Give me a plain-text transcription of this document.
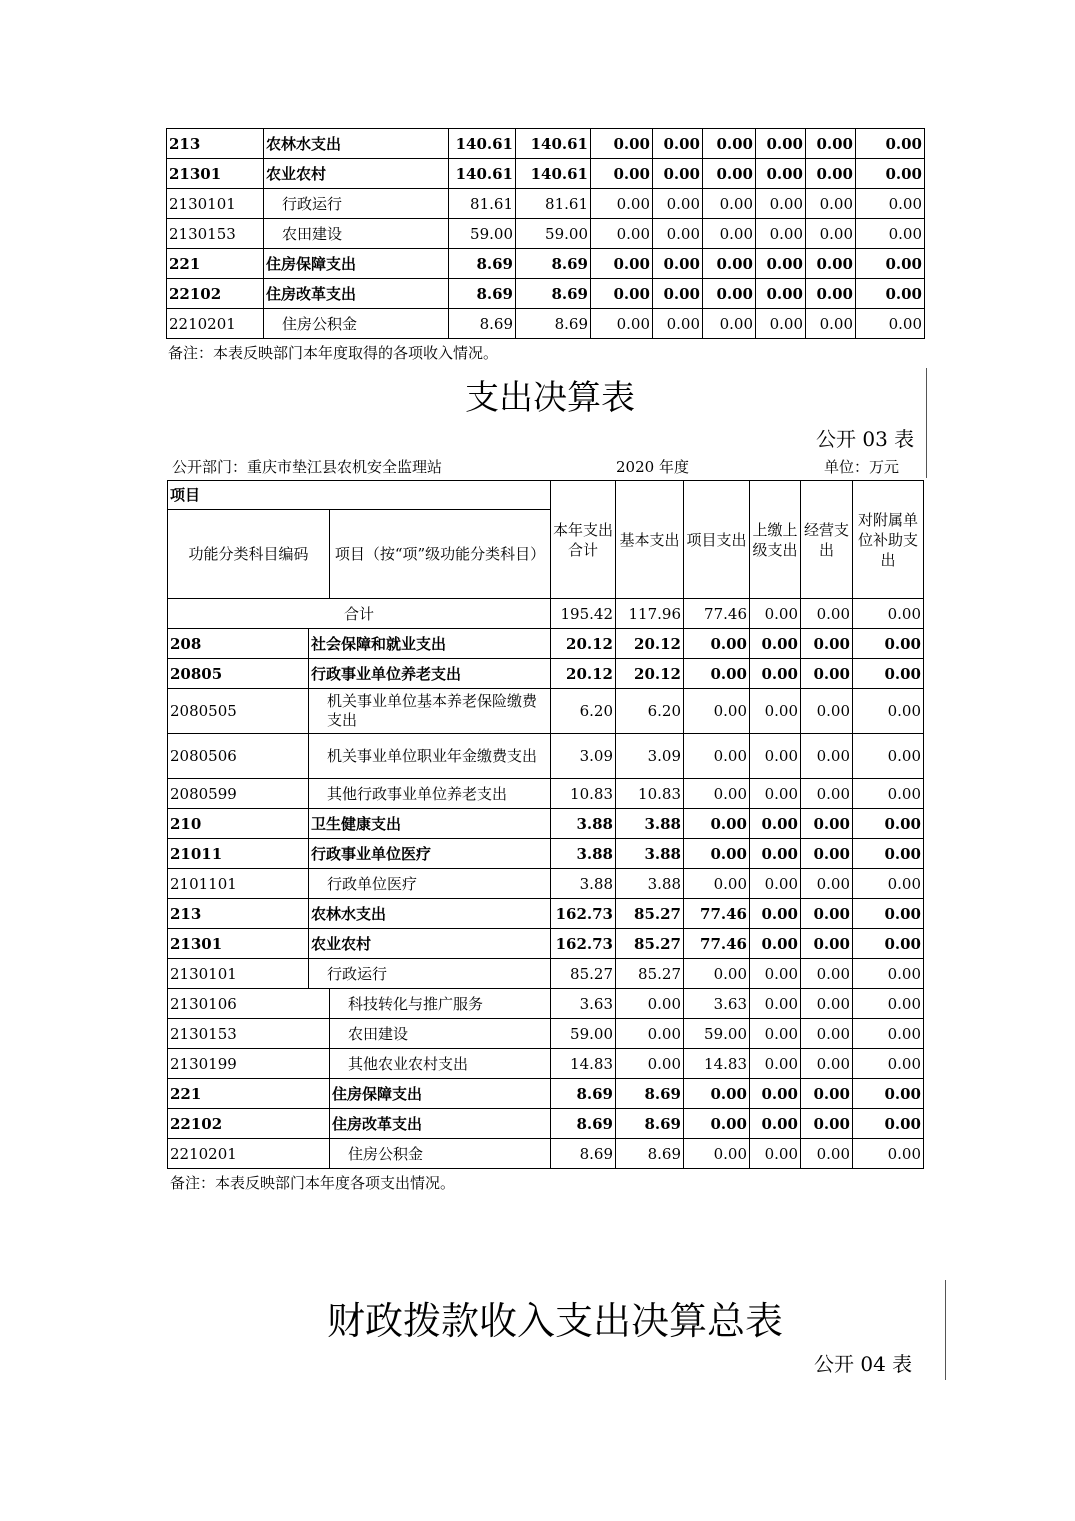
213	农林水支出	140.61	140.61	0.00	0.00	0.00	0.00	0.00	0.00
21301	农业农村	140.61	140.61	0.00	0.00	0.00	0.00	0.00	0.00
2130101	行政运行	81.61	81.61	0.00	0.00	0.00	0.00	0.00	0.00
2130153	农田建设	59.00	59.00	0.00	0.00	0.00	0.00	0.00	0.00
221	住房保障支出	8.69	8.69	0.00	0.00	0.00	0.00	0.00	0.00
22102	住房改革支出	8.69	8.69	0.00	0.00	0.00	0.00	0.00	0.00
2210201	住房公积金	8.69	8.69	0.00	0.00	0.00	0.00	0.00	0.00
备注：本表反映部门本年度取得的各项收入情况。
支出决算表
公开 03 表
公开部门：重庆市垫江县农机安全监理站	2020 年度	单位：万元
项目			本年支出合计	基本支出	项目支出	上缴上级支出	经营支出	对附属单位补助支出
功能分类科目编码		项目（按“项”级功能分类科目）						
合计			195.42	117.96	77.46	0.00	0.00	0.00
208	社会保障和就业支出		20.12	20.12	0.00	0.00	0.00	0.00
20805	行政事业单位养老支出		20.12	20.12	0.00	0.00	0.00	0.00
2080505	机关事业单位基本养老保险缴费支出		6.20	6.20	0.00	0.00	0.00	0.00
2080506	机关事业单位职业年金缴费支出		3.09	3.09	0.00	0.00	0.00	0.00
2080599	其他行政事业单位养老支出		10.83	10.83	0.00	0.00	0.00	0.00
210	卫生健康支出		3.88	3.88	0.00	0.00	0.00	0.00
21011	行政事业单位医疗		3.88	3.88	0.00	0.00	0.00	0.00
2101101	行政单位医疗		3.88	3.88	0.00	0.00	0.00	0.00
213	农林水支出		162.73	85.27	77.46	0.00	0.00	0.00
21301	农业农村		162.73	85.27	77.46	0.00	0.00	0.00
2130101	行政运行		85.27	85.27	0.00	0.00	0.00	0.00
2130106		科技转化与推广服务	3.63	0.00	3.63	0.00	0.00	0.00
2130153		农田建设	59.00	0.00	59.00	0.00	0.00	0.00
2130199		其他农业农村支出	14.83	0.00	14.83	0.00	0.00	0.00
221		住房保障支出	8.69	8.69	0.00	0.00	0.00	0.00
22102		住房改革支出	8.69	8.69	0.00	0.00	0.00	0.00
2210201		住房公积金	8.69	8.69	0.00	0.00	0.00	0.00
备注：本表反映部门本年度各项支出情况。
财政拨款收入支出决算总表
公开 04 表
